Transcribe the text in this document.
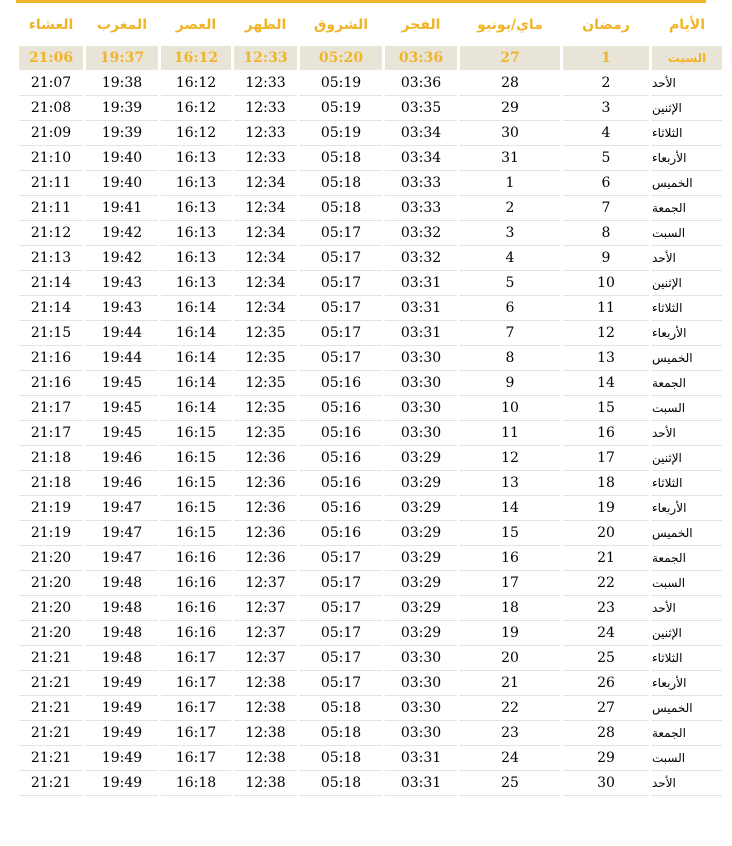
الأيام	رمضان	ماي/يونيو	الفجر	الشروق	الظهر	العصر	المغرب	العشاء
السبت	1	27	03:36	05:20	12:33	16:12	19:37	21:06
الأحد	2	28	03:36	05:19	12:33	16:12	19:38	21:07
الإثنين	3	29	03:35	05:19	12:33	16:12	19:39	21:08
الثلاثاء	4	30	03:34	05:19	12:33	16:12	19:39	21:09
الأربعاء	5	31	03:34	05:18	12:33	16:13	19:40	21:10
الخميس	6	1	03:33	05:18	12:34	16:13	19:40	21:11
الجمعة	7	2	03:33	05:18	12:34	16:13	19:41	21:11
السبت	8	3	03:32	05:17	12:34	16:13	19:42	21:12
الأحد	9	4	03:32	05:17	12:34	16:13	19:42	21:13
الإثنين	10	5	03:31	05:17	12:34	16:13	19:43	21:14
الثلاثاء	11	6	03:31	05:17	12:34	16:14	19:43	21:14
الأربعاء	12	7	03:31	05:17	12:35	16:14	19:44	21:15
الخميس	13	8	03:30	05:17	12:35	16:14	19:44	21:16
الجمعة	14	9	03:30	05:16	12:35	16:14	19:45	21:16
السبت	15	10	03:30	05:16	12:35	16:14	19:45	21:17
الأحد	16	11	03:30	05:16	12:35	16:15	19:45	21:17
الإثنين	17	12	03:29	05:16	12:36	16:15	19:46	21:18
الثلاثاء	18	13	03:29	05:16	12:36	16:15	19:46	21:18
الأربعاء	19	14	03:29	05:16	12:36	16:15	19:47	21:19
الخميس	20	15	03:29	05:16	12:36	16:15	19:47	21:19
الجمعة	21	16	03:29	05:17	12:36	16:16	19:47	21:20
السبت	22	17	03:29	05:17	12:37	16:16	19:48	21:20
الأحد	23	18	03:29	05:17	12:37	16:16	19:48	21:20
الإثنين	24	19	03:29	05:17	12:37	16:16	19:48	21:20
الثلاثاء	25	20	03:30	05:17	12:37	16:17	19:48	21:21
الأربعاء	26	21	03:30	05:17	12:38	16:17	19:49	21:21
الخميس	27	22	03:30	05:18	12:38	16:17	19:49	21:21
الجمعة	28	23	03:30	05:18	12:38	16:17	19:49	21:21
السبت	29	24	03:31	05:18	12:38	16:17	19:49	21:21
الأحد	30	25	03:31	05:18	12:38	16:18	19:49	21:21
